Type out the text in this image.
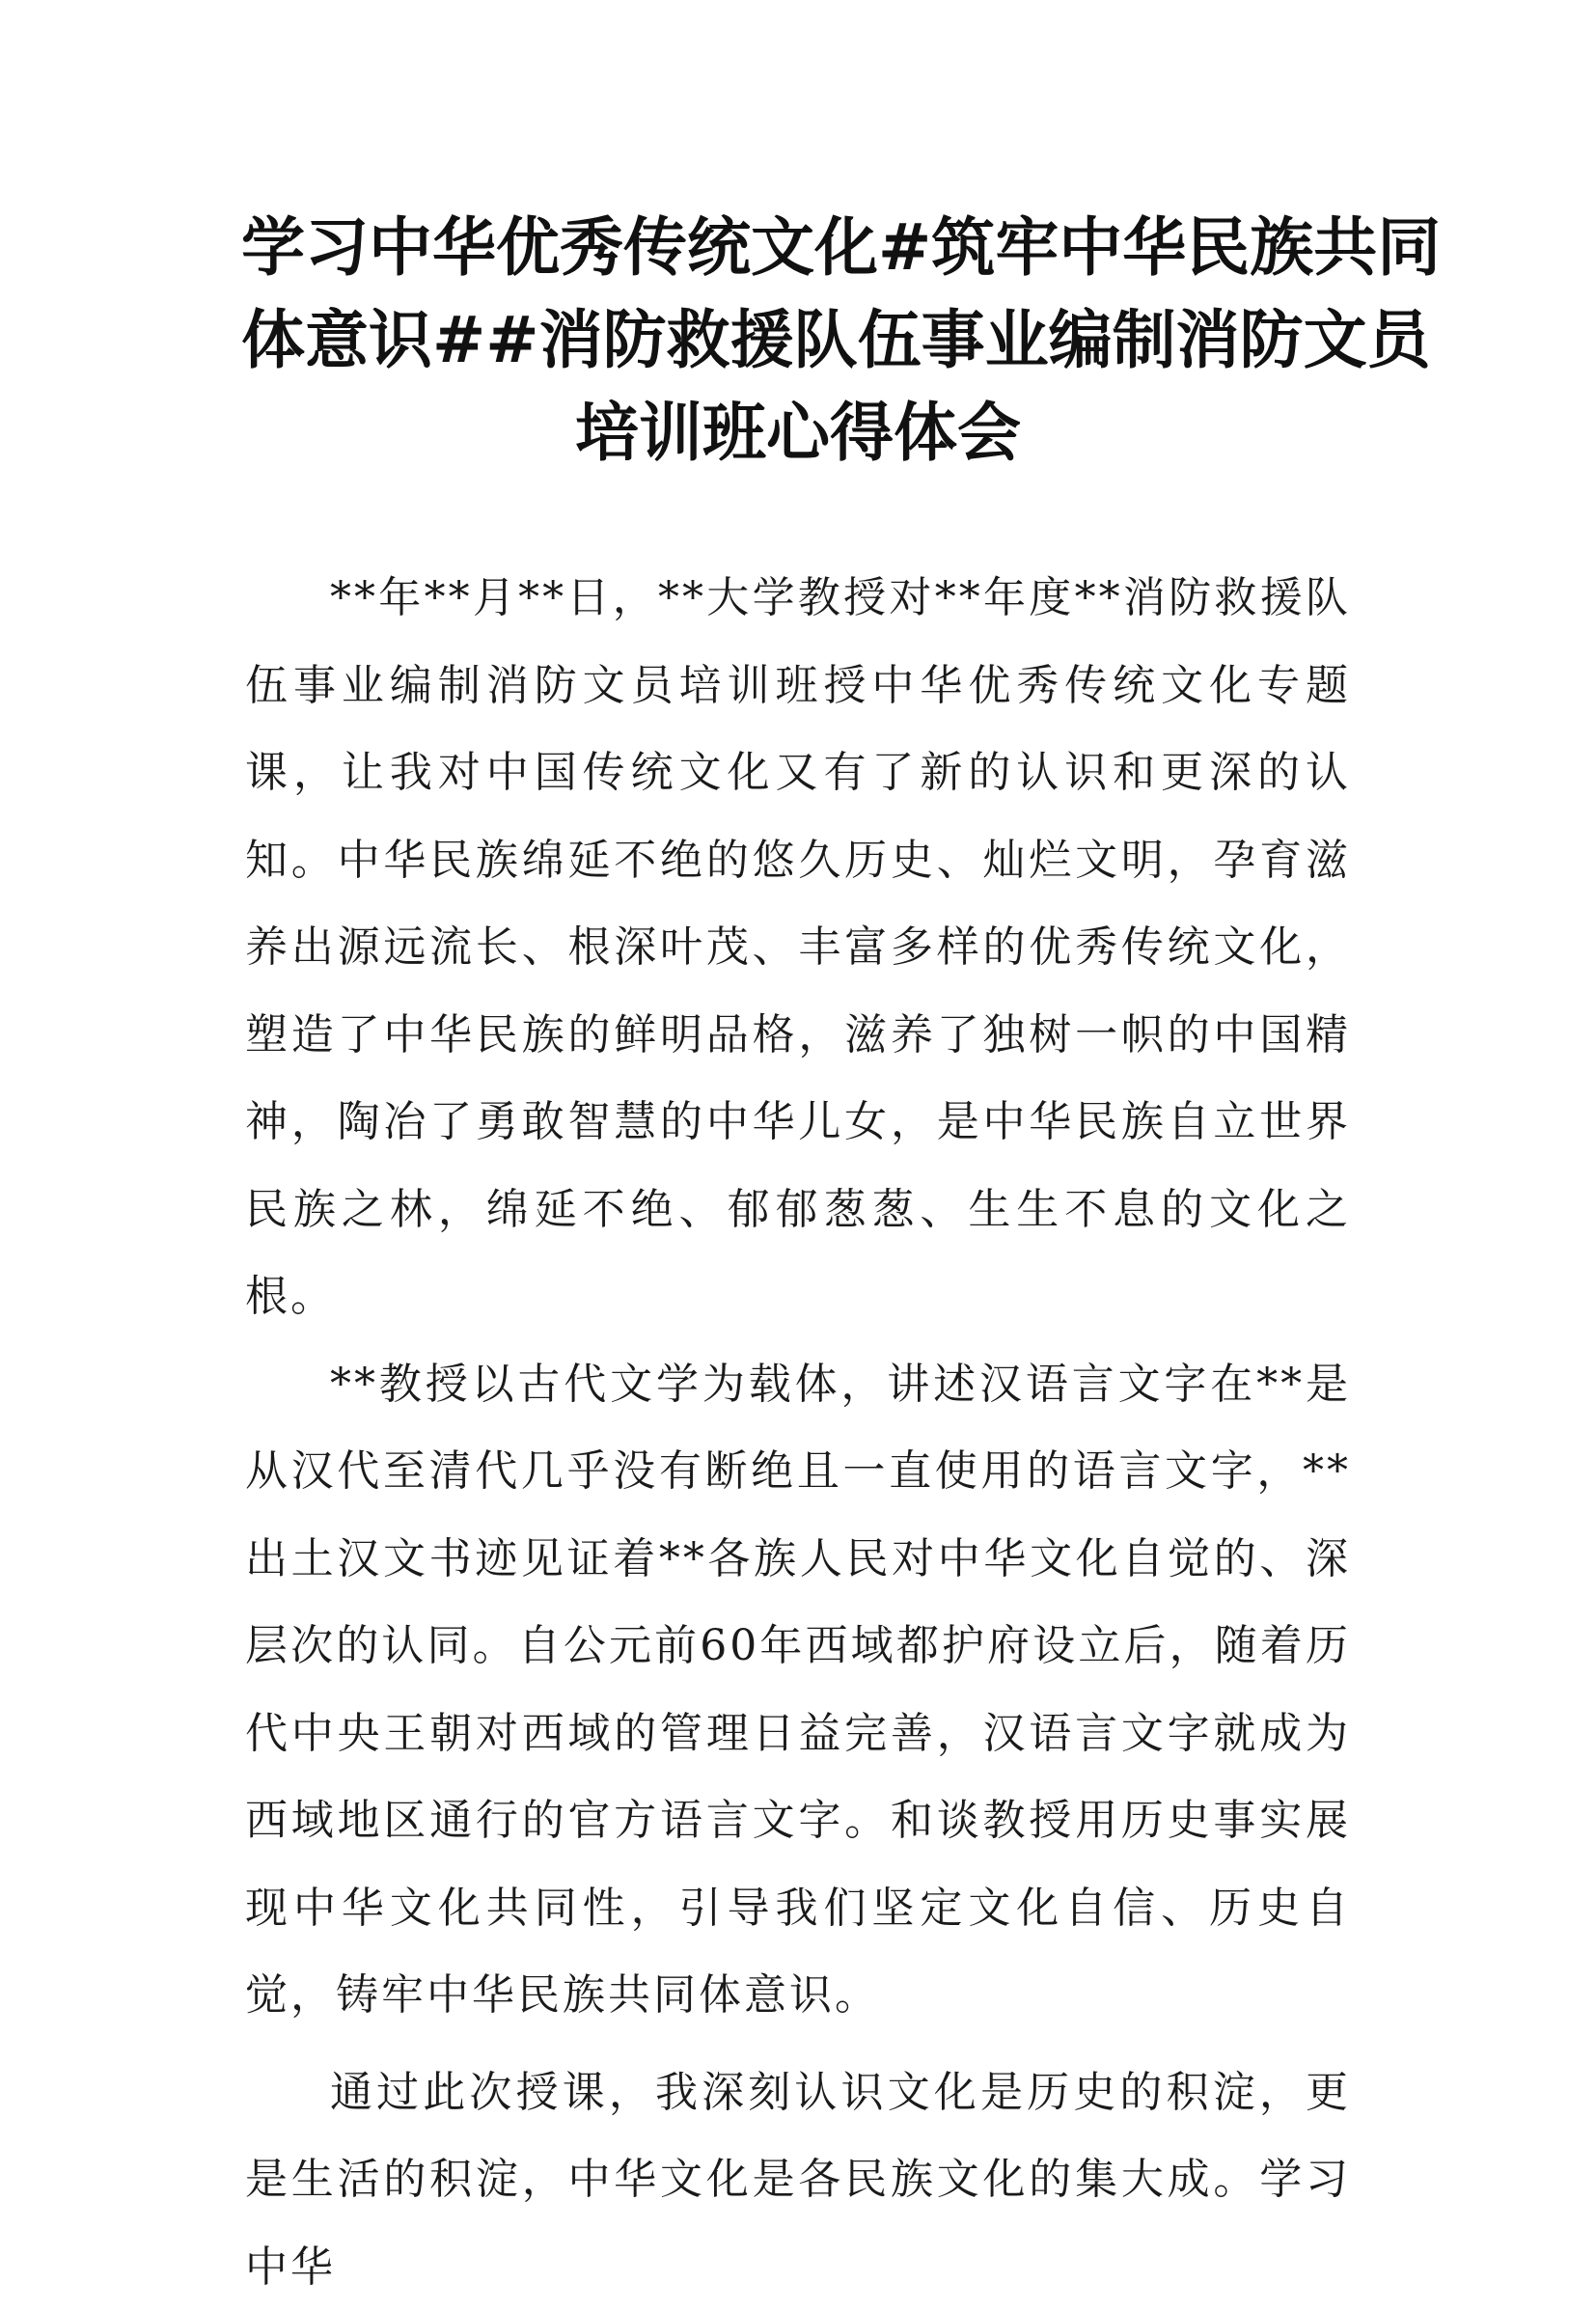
学习中华优秀传统文化#筑牢中华民族共同
体意识##消防救援队伍事业编制消防文员
培训班心得体会

**年**月**日，**大学教授对**年度**消防救援队伍事业编制消防文员培训班授中华优秀传统文化专题课，让我对中国传统文化又有了新的认识和更深的认知。中华民族绵延不绝的悠久历史、灿烂文明，孕育滋养出源远流长、根深叶茂、丰富多样的优秀传统文化，塑造了中华民族的鲜明品格，滋养了独树一帜的中国精神，陶冶了勇敢智慧的中华儿女，是中华民族自立世界民族之林，绵延不绝、郁郁葱葱、生生不息的文化之根。

**教授以古代文学为载体，讲述汉语言文字在**是从汉代至清代几乎没有断绝且一直使用的语言文字，**出土汉文书迹见证着**各族人民对中华文化自觉的、深层次的认同。自公元前60年西域都护府设立后，随着历代中央王朝对西域的管理日益完善，汉语言文字就成为西域地区通行的官方语言文字。和谈教授用历史事实展现中华文化共同性，引导我们坚定文化自信、历史自觉，铸牢中华民族共同体意识。

通过此次授课，我深刻认识文化是历史的积淀，更是生活的积淀，中华文化是各民族文化的集大成。学习中华
